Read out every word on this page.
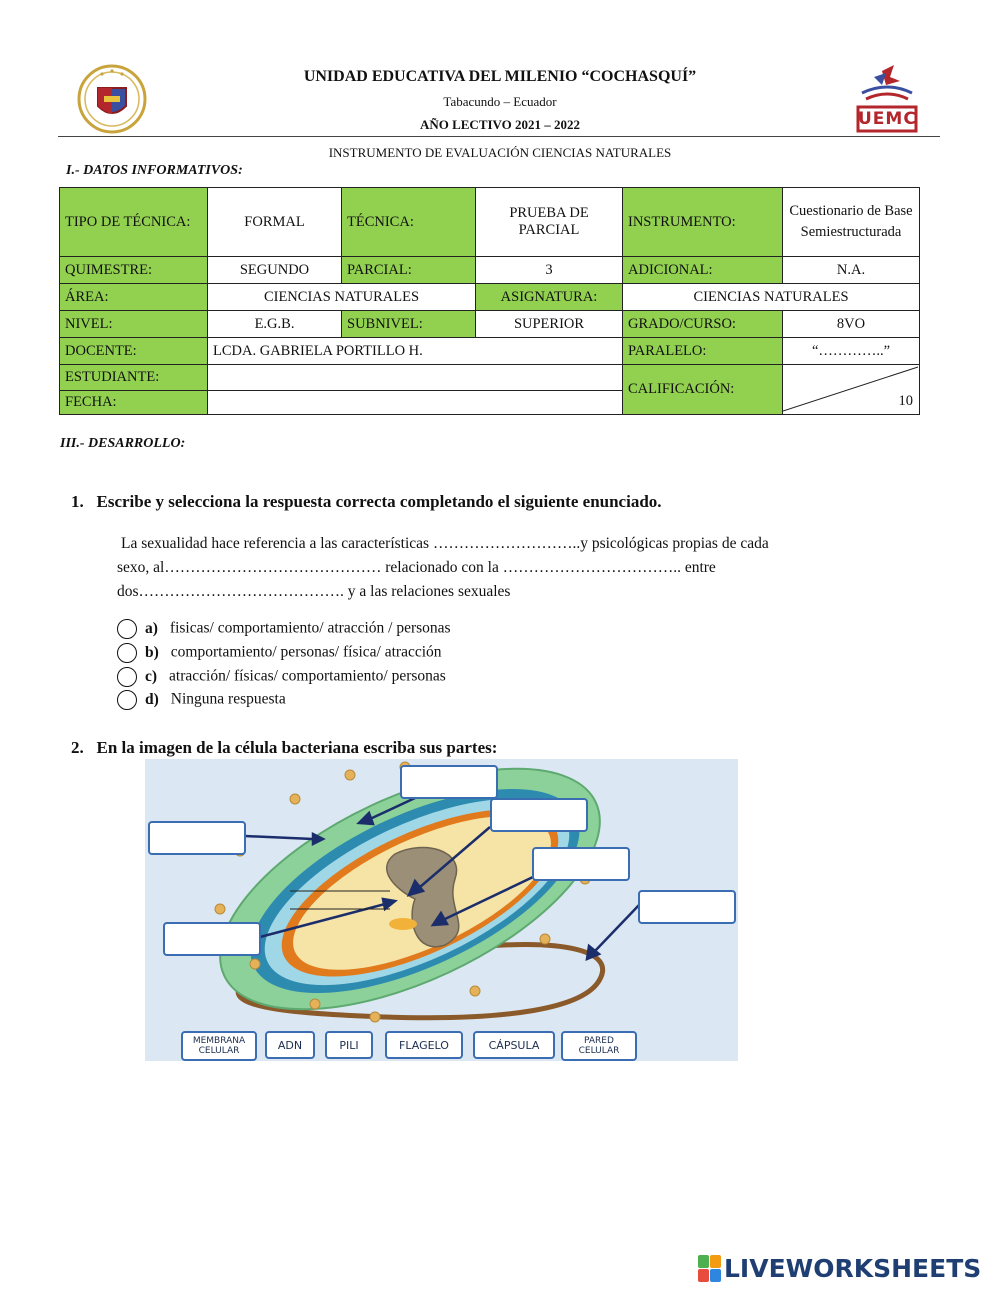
UEMC
UNIDAD EDUCATIVA DEL MILENIO “COCHASQUÍ”
Tabacundo – Ecuador
AÑO LECTIVO 2021 – 2022
INSTRUMENTO DE EVALUACIÓN CIENCIAS NATURALES
I.- DATOS INFORMATIVOS:
TIPO DE TÉCNICA:	FORMAL	TÉCNICA:	PRUEBA DE PARCIAL	INSTRUMENTO:	Cuestionario de Base Semiestructurada
QUIMESTRE:	SEGUNDO	PARCIAL:	3	ADICIONAL:	N.A.
ÁREA:	CIENCIAS NATURALES		ASIGNATURA:	CIENCIAS NATURALES	
NIVEL:	E.G.B.	SUBNIVEL:	SUPERIOR	GRADO/CURSO:	8VO
DOCENTE:	LCDA. GABRIELA PORTILLO H.			PARALELO:	“…………..”
ESTUDIANTE:				CALIFICACIÓN:	10

FECHA:					
III.- DESARROLLO:
1. Escribe y selecciona la respuesta correcta completando el siguiente enunciado.
La sexualidad hace referencia a las características ………………………..y psicológicas propias de cada
sexo, al…………………………………… relacionado con la …………………………….. entre
dos…………………………………. y a las relaciones sexuales
a) fisicas/ comportamiento/ atracción / personas
b) comportamiento/ personas/ física/ atracción
c) atracción/ físicas/ comportamiento/ personas
d) Ninguna respuesta
2. En la imagen de la célula bacteriana escriba sus partes:
MEMBRANA CELULAR	ADN	PILI	FLAGELO	CÁPSULA	PARED CELULAR
LIVEWORKSHEETS
